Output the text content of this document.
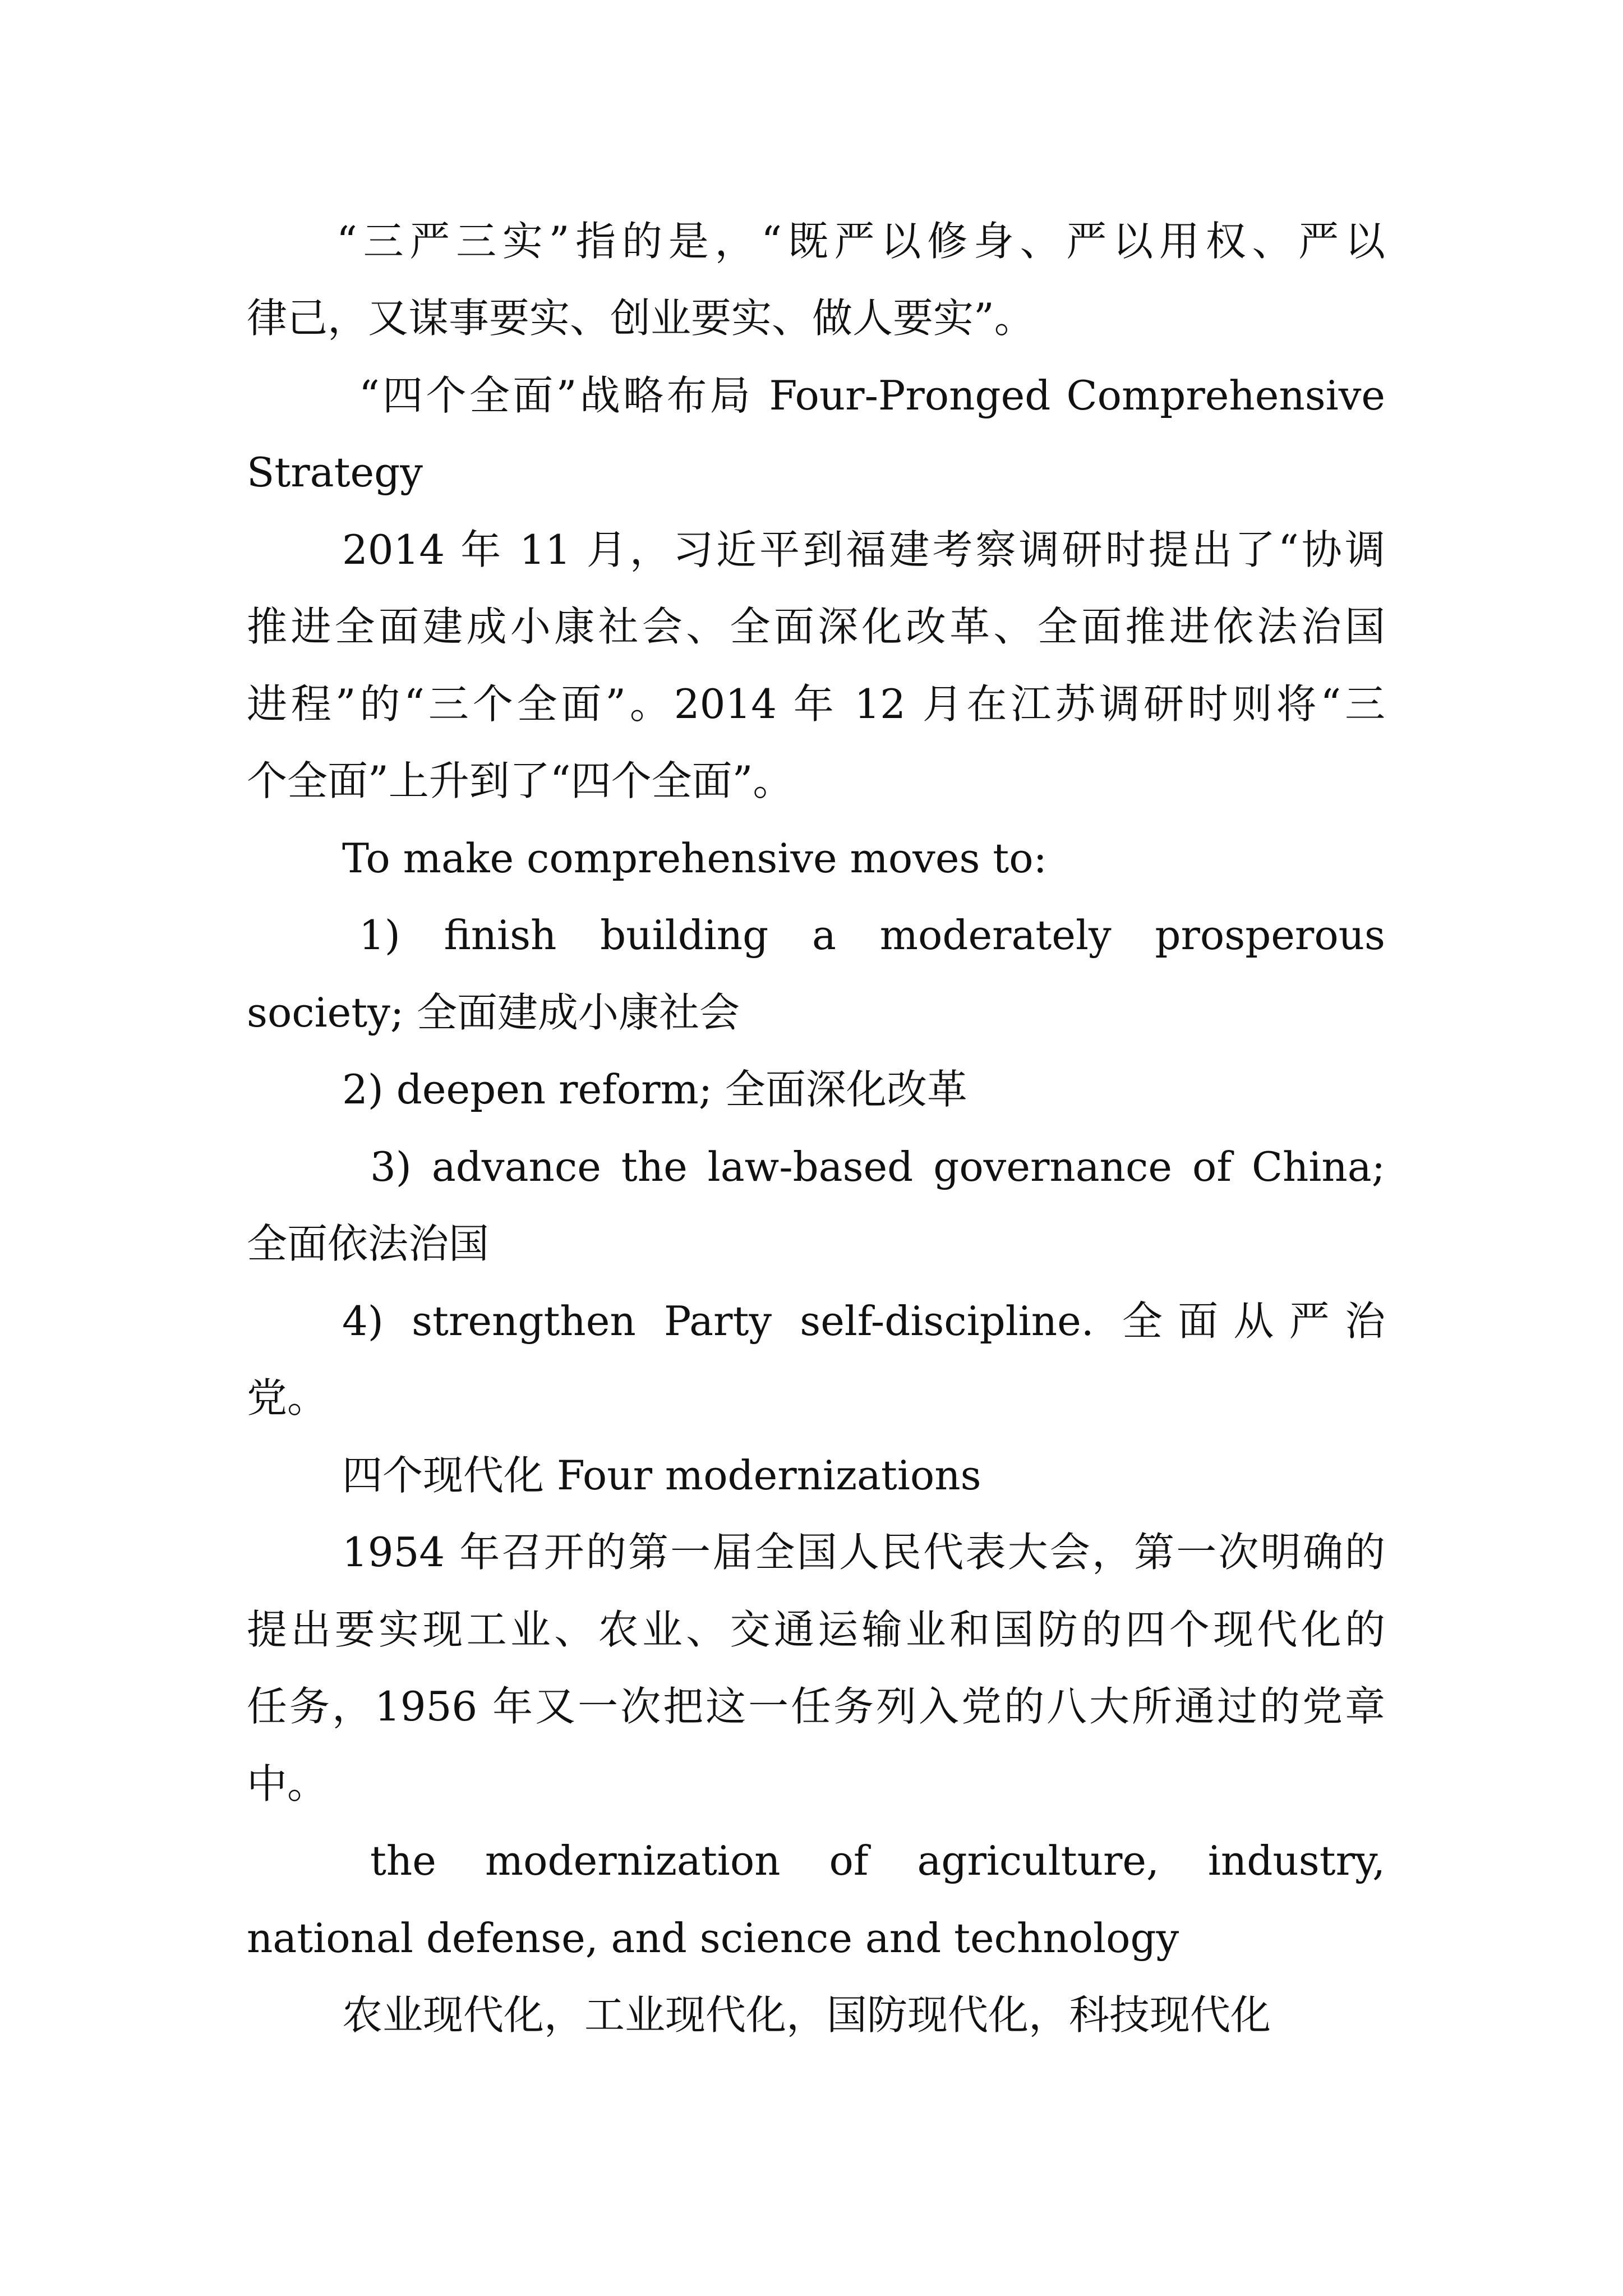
“三严三实”指的是，“既严以修身、严以用权、严以
律己，又谋事要实、创业要实、做人要实”。
“四个全面”战略布局 Four-Pronged Comprehensive
Strategy
2014 年 11 月，习近平到福建考察调研时提出了“协调
推进全面建成小康社会、全面深化改革、全面推进依法治国
进程”的“三个全面”。2014 年 12 月在江苏调研时则将“三
个全面”上升到了“四个全面”。
To make comprehensive moves to:
1) finish building a moderately prosperous
society; 全面建成小康社会
2) deepen reform; 全面深化改革
3) advance the law-based governance of China;
全面依法治国
4) strengthen Party self-discipline. 全面从严治
党。
四个现代化 Four modernizations
1954 年召开的第一届全国人民代表大会，第一次明确的
提出要实现工业、农业、交通运输业和国防的四个现代化的
任务，1956 年又一次把这一任务列入党的八大所通过的党章
中。
the modernization of agriculture, industry,
national defense, and science and technology
农业现代化，工业现代化，国防现代化，科技现代化
